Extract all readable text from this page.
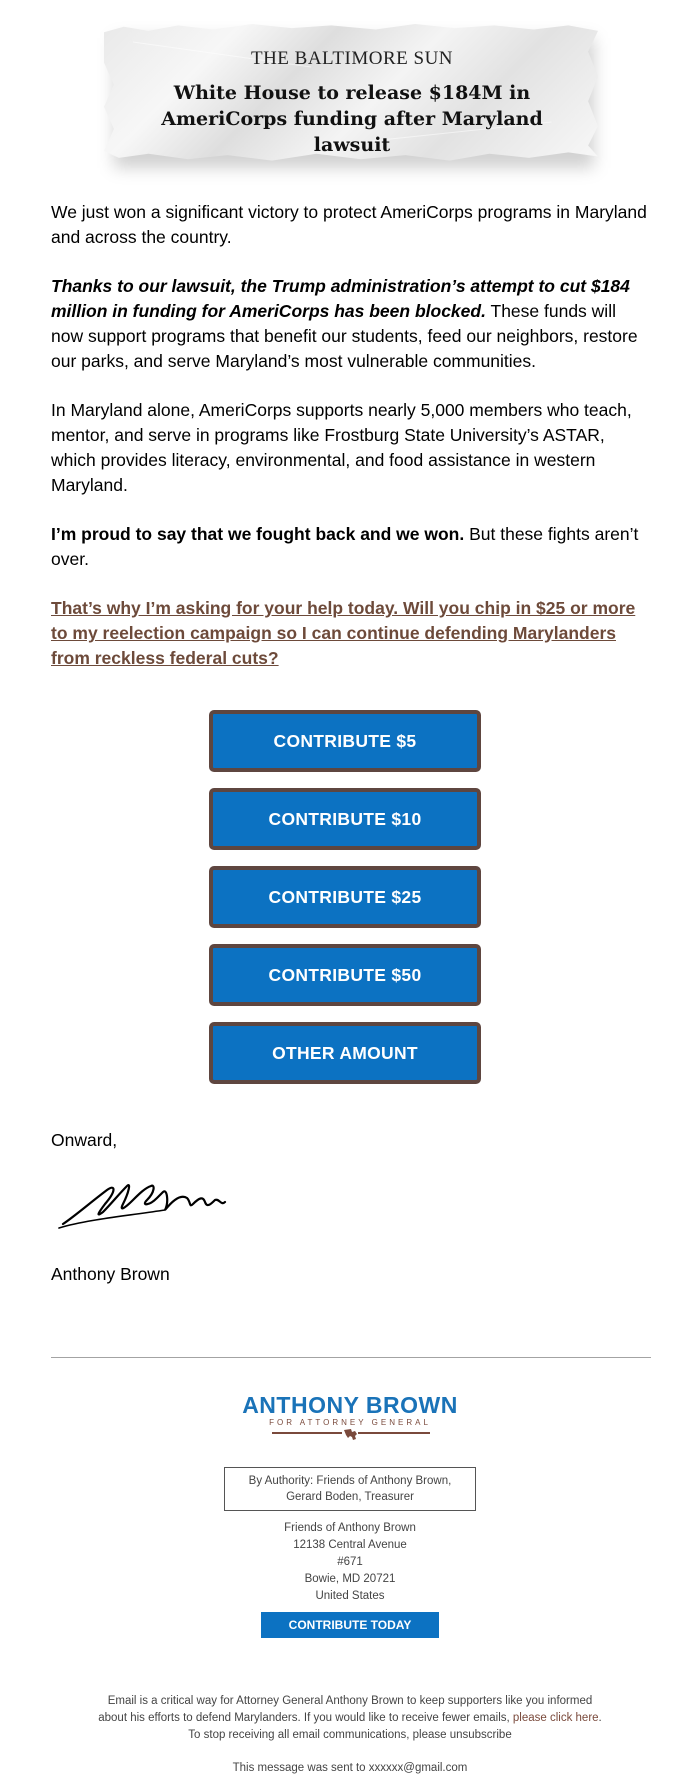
THE BALTIMORE SUN
White House to release $184M in AmeriCorps funding after Maryland lawsuit

We just won a significant victory to protect AmeriCorps programs in Maryland and across the country.

Thanks to our lawsuit, the Trump administration’s attempt to cut $184 million in funding for AmeriCorps has been blocked. These funds will now support programs that benefit our students, feed our neighbors, restore our parks, and serve Maryland’s most vulnerable communities.

In Maryland alone, AmeriCorps supports nearly 5,000 members who teach, mentor, and serve in programs like Frostburg State University’s ASTAR, which provides literacy, environmental, and food assistance in western Maryland.

I’m proud to say that we fought back and we won. But these fights aren’t over.

That’s why I’m asking for your help today. Will you chip in $25 or more to my reelection campaign so I can continue defending Marylanders from reckless federal cuts?

CONTRIBUTE $5
CONTRIBUTE $10
CONTRIBUTE $25
CONTRIBUTE $50
OTHER AMOUNT
Onward,
Anthony Brown
ANTHONY BROWN
FOR ATTORNEY GENERAL
By Authority: Friends of Anthony Brown,
Gerard Boden, Treasurer
Friends of Anthony Brown
12138 Central Avenue
#671
Bowie, MD 20721
United States
CONTRIBUTE TODAY
Email is a critical way for Attorney General Anthony Brown to keep supporters like you informed
about his efforts to defend Marylanders. If you would like to receive fewer emails, please click here.
To stop receiving all email communications, please unsubscribe
This message was sent to xxxxxx@gmail.com
